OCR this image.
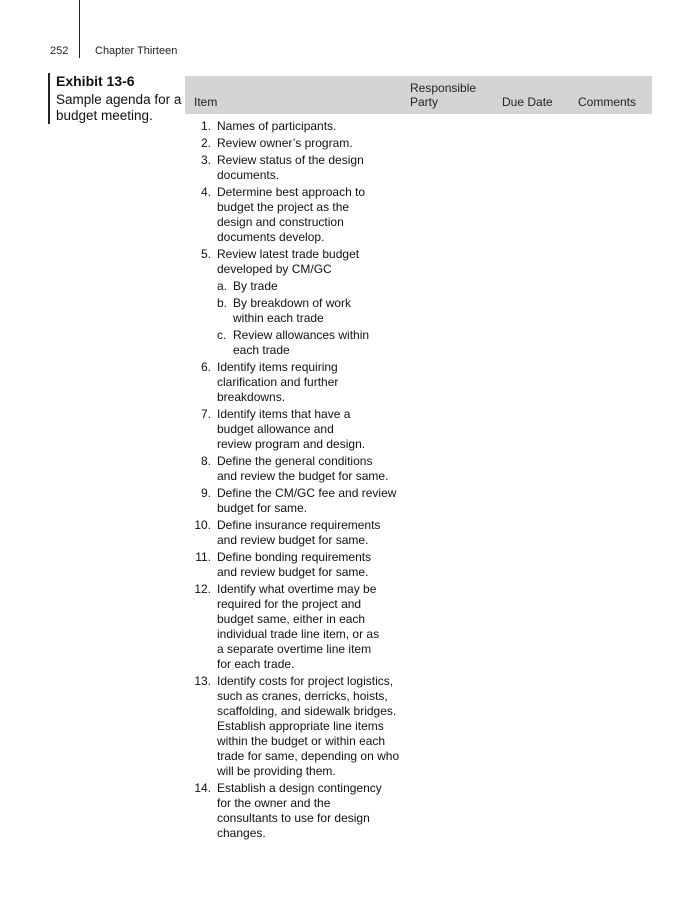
252 Chapter Thirteen
Exhibit 13-6
Sample agenda for a budget meeting.
Item
Responsible Party	Due Date Comments
1. Names of participants.
2. Review owner’s program.
3. Review status of the design
documents.
4. Determine best approach to
budget the project as the
design and construction
documents develop.
5. Review latest trade budget
developed by CM/GC
a. By trade
b. By breakdown of work
within each trade
c. Review allowances within
each trade
6. Identify items requiring
clarification and further
breakdowns.
7. Identify items that have a
budget allowance and
review program and design.
8. Define the general conditions
and review the budget for same.
9. Define the CM/GC fee and review
budget for same.
10. Define insurance requirements
and review budget for same.
11. Define bonding requirements
and review budget for same.
12. Identify what overtime may be
required for the project and
budget same, either in each
individual trade line item, or as
a separate overtime line item
for each trade.
13. Identify costs for project logistics,
such as cranes, derricks, hoists,
scaffolding, and sidewalk bridges.
Establish appropriate line items
within the budget or within each
trade for same, depending on who
will be providing them.
14. Establish a design contingency
for the owner and the
consultants to use for design
changes.
